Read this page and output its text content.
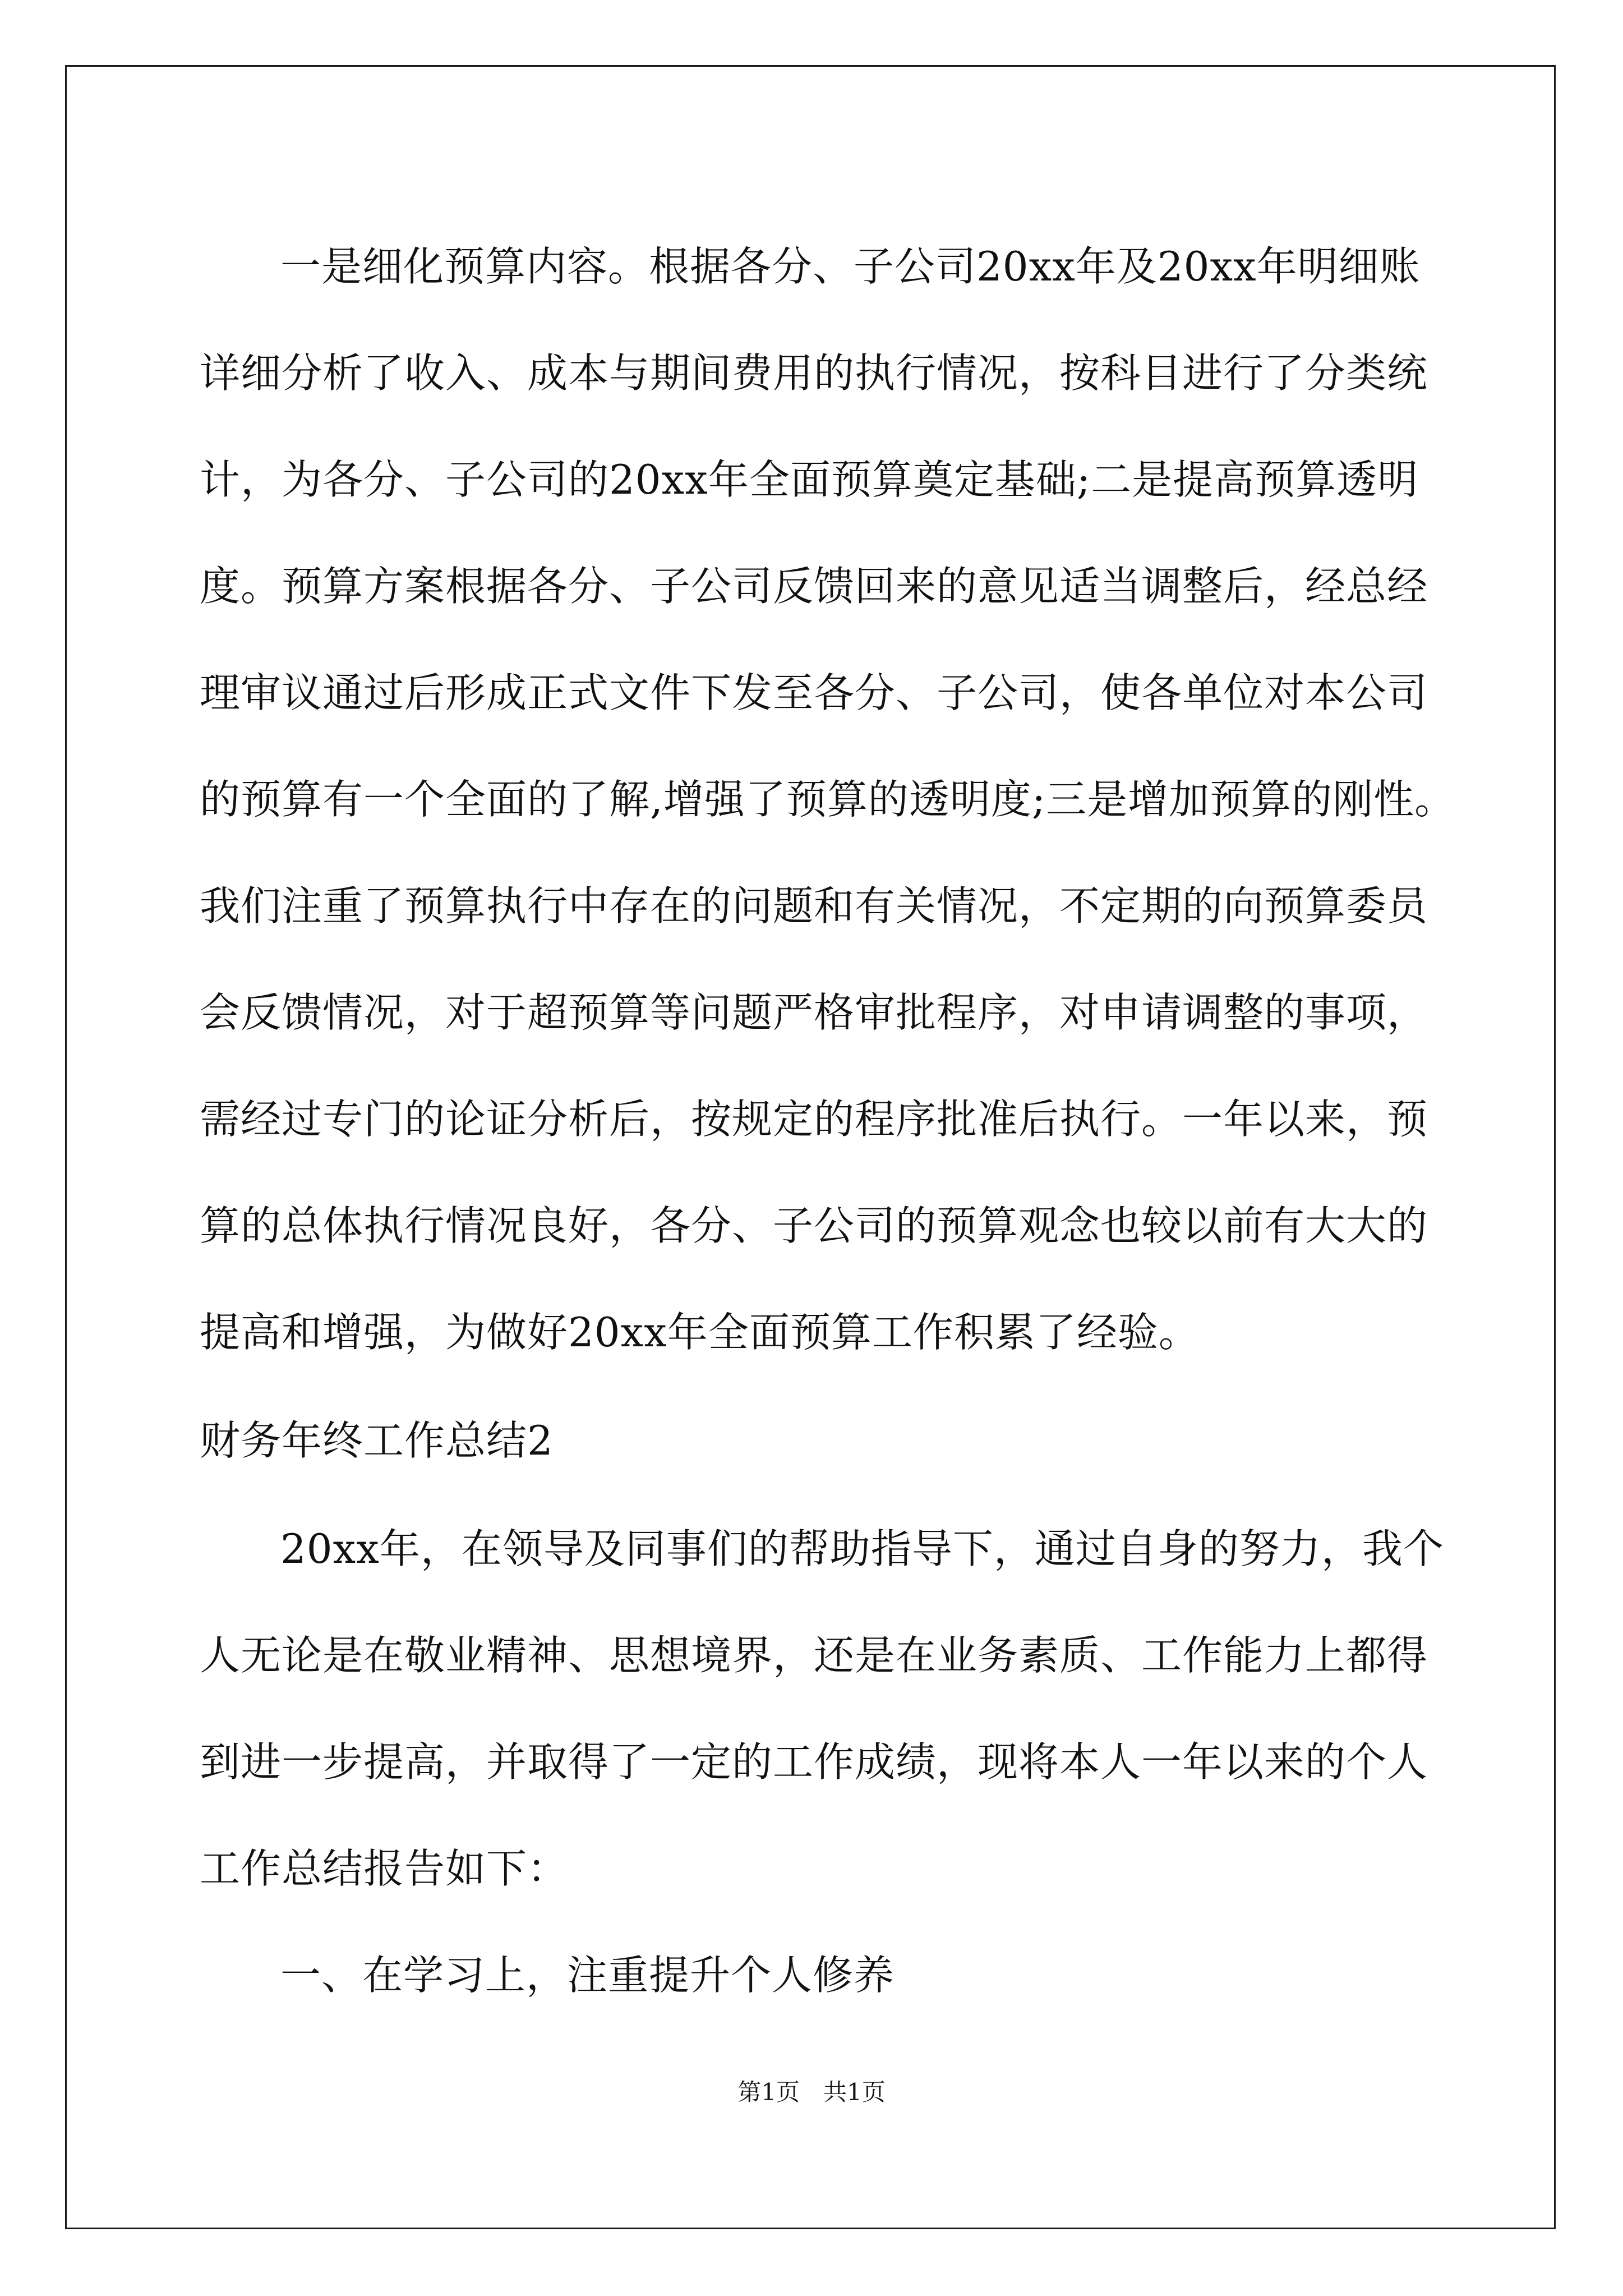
一是细化预算内容。根据各分、子公司20xx年及20xx年明细账
详细分析了收入、成本与期间费用的执行情况，按科目进行了分类统
计，为各分、子公司的20xx年全面预算奠定基础;二是提高预算透明
度。预算方案根据各分、子公司反馈回来的意见适当调整后，经总经
理审议通过后形成正式文件下发至各分、子公司，使各单位对本公司
的预算有一个全面的了解,增强了预算的透明度;三是增加预算的刚性。
我们注重了预算执行中存在的问题和有关情况，不定期的向预算委员
会反馈情况，对于超预算等问题严格审批程序，对申请调整的事项，
需经过专门的论证分析后，按规定的程序批准后执行。一年以来，预
算的总体执行情况良好，各分、子公司的预算观念也较以前有大大的
提高和增强，为做好20xx年全面预算工作积累了经验。
财务年终工作总结2
20xx年，在领导及同事们的帮助指导下，通过自身的努力，我个
人无论是在敬业精神、思想境界，还是在业务素质、工作能力上都得
到进一步提高，并取得了一定的工作成绩，现将本人一年以来的个人
工作总结报告如下：
一、在学习上，注重提升个人修养
第1页 共1页
